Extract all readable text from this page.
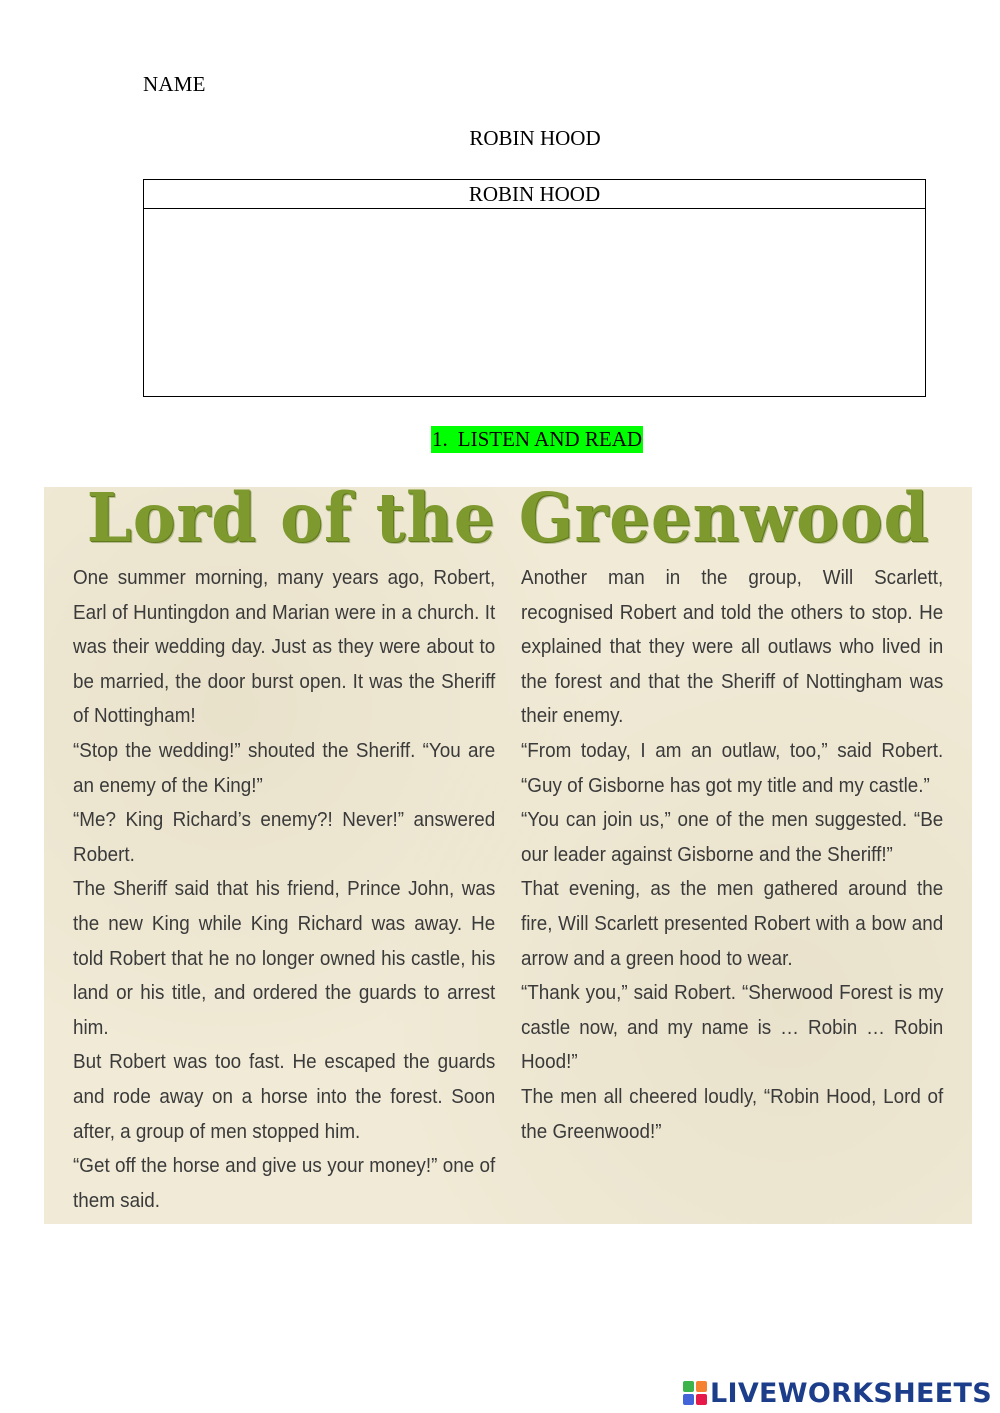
NAME
ROBIN HOOD
ROBIN HOOD
1. LISTEN AND READ
Lord of the Greenwood

One summer morning, many years ago, Robert, Earl of Huntingdon and Marian were in a church. It was their wedding day. Just as they were about to be married, the door burst open. It was the Sheriff of Nottingham!

“Stop the wedding!” shouted the Sheriff. “You are an enemy of the King!”

“Me? King Richard’s enemy?! Never!” answered Robert.

The Sheriff said that his friend, Prince John, was the new King while King Richard was away. He told Robert that he no longer owned his castle, his land or his title, and ordered the guards to arrest him.

But Robert was too fast. He escaped the guards and rode away on a horse into the forest. Soon after, a group of men stopped him.

“Get off the horse and give us your money!” one of them said.

Another man in the group, Will Scarlett, recognised Robert and told the others to stop. He explained that they were all outlaws who lived in the forest and that the Sheriff of Nottingham was their enemy.

“From today, I am an outlaw, too,” said Robert. “Guy of Gisborne has got my title and my castle.”

“You can join us,” one of the men suggested. “Be our leader against Gisborne and the Sheriff!”

That evening, as the men gathered around the fire, Will Scarlett presented Robert with a bow and arrow and a green hood to wear.

“Thank you,” said Robert. “Sherwood Forest is my castle now, and my name is … Robin … Robin Hood!”

The men all cheered loudly, “Robin Hood, Lord of the Greenwood!”

LIVEWORKSHEETS
